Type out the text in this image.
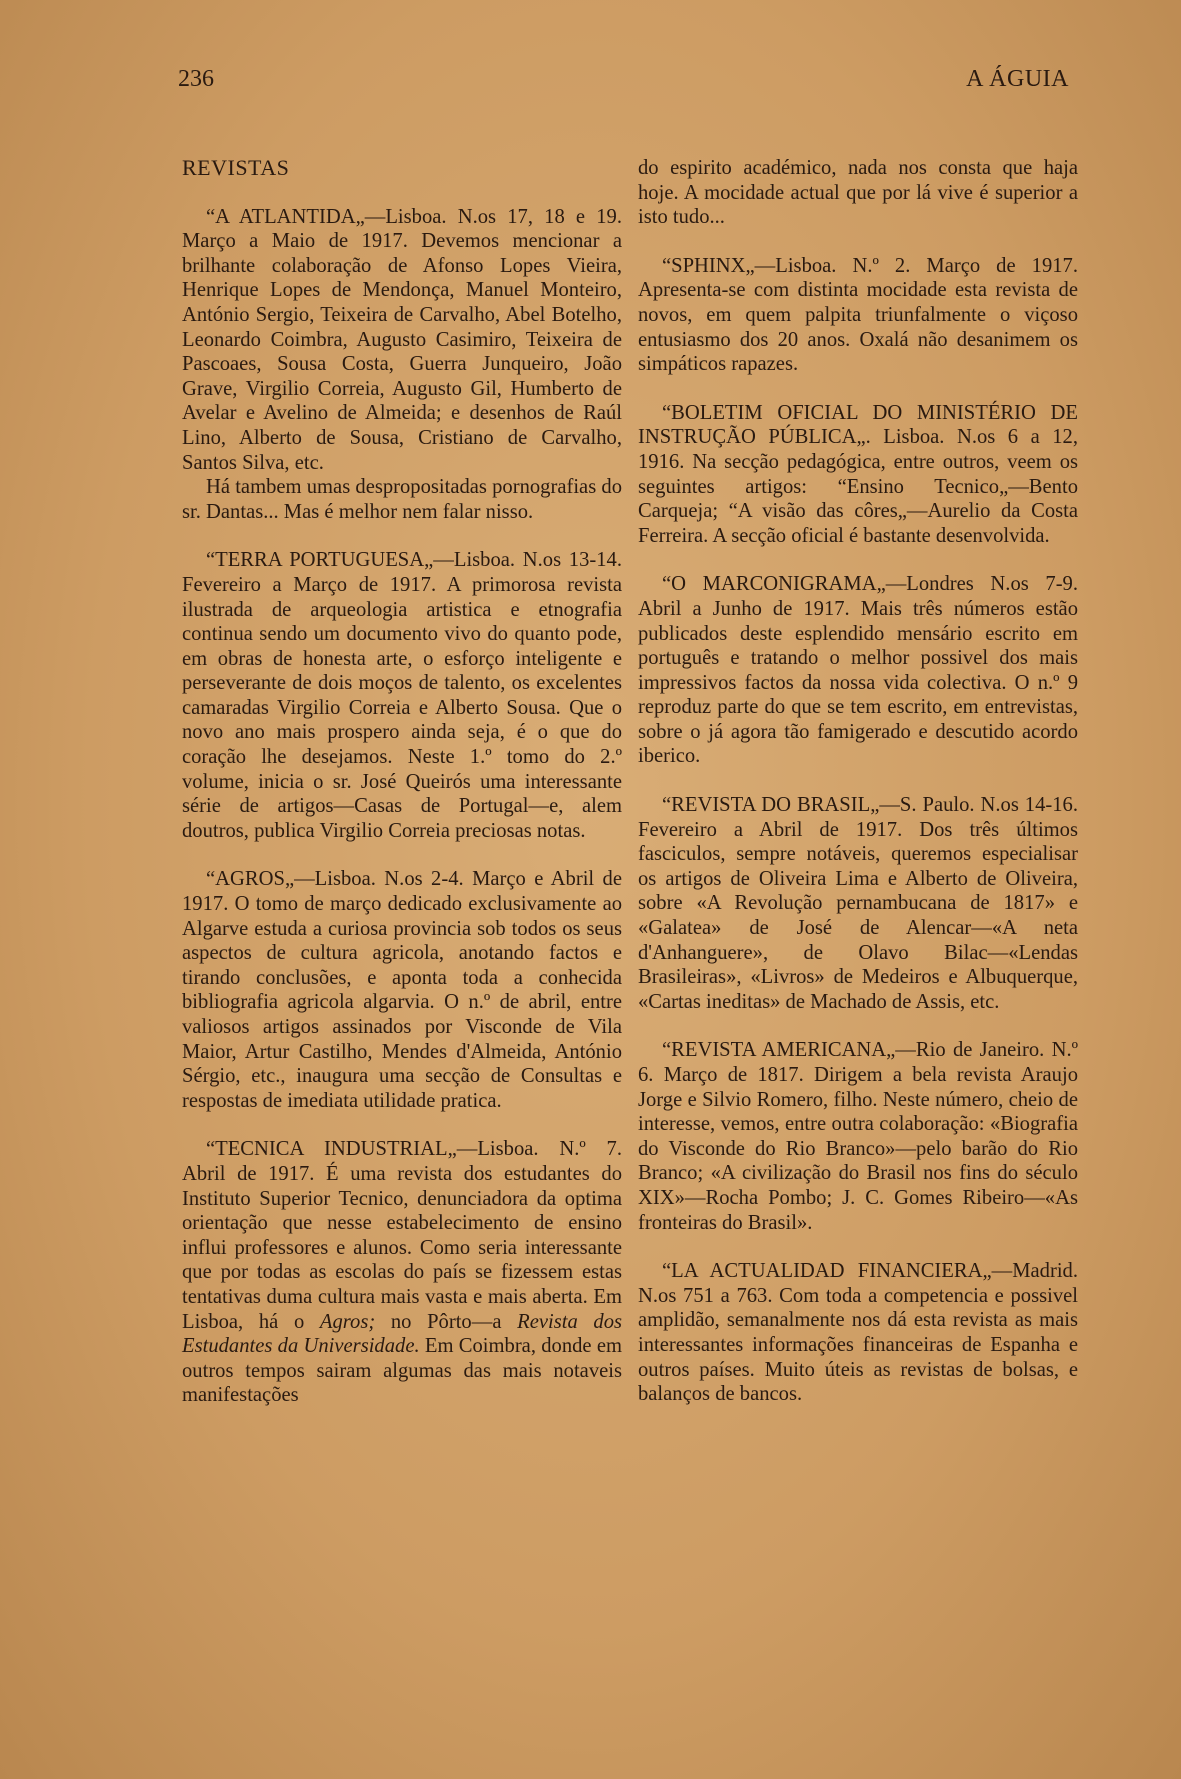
236	A ÁGUIA
REVISTAS

“A ATLANTIDA„—Lisboa. N.os 17, 18 e 19. Março a Maio de 1917. Devemos mencionar a brilhante colaboração de Afonso Lopes Vieira, Henrique Lopes de Mendonça, Manuel Monteiro, António Sergio, Teixeira de Carvalho, Abel Botelho, Leonardo Coimbra, Augusto Casimiro, Teixeira de Pascoaes, Sousa Costa, Guerra Junqueiro, João Grave, Virgilio Correia, Augusto Gil, Humberto de Avelar e Avelino de Almeida; e desenhos de Raúl Lino, Alberto de Sousa, Cristiano de Carvalho, Santos Silva, etc.

Há tambem umas despropositadas pornografias do sr. Dantas... Mas é melhor nem falar nisso.

“TERRA PORTUGUESA„—Lisboa. N.os 13-14. Fevereiro a Março de 1917. A primorosa revista ilustrada de arqueologia artistica e etnografia continua sendo um documento vivo do quanto pode, em obras de honesta arte, o esforço inteligente e perseverante de dois moços de talento, os excelentes camaradas Virgilio Correia e Alberto Sousa. Que o novo ano mais prospero ainda seja, é o que do coração lhe desejamos. Neste 1.º tomo do 2.º volume, inicia o sr. José Queirós uma interessante série de artigos—Casas de Portugal—e, alem doutros, publica Virgilio Correia preciosas notas.

“AGROS„—Lisboa. N.os 2-4. Março e Abril de 1917. O tomo de março dedicado exclusivamente ao Algarve estuda a curiosa provincia sob todos os seus aspectos de cultura agricola, anotando factos e tirando conclusões, e aponta toda a conhecida bibliografia agricola algarvia. O n.º de abril, entre valiosos artigos assinados por Visconde de Vila Maior, Artur Castilho, Mendes d'Almeida, António Sérgio, etc., inaugura uma secção de Consultas e respostas de imediata utilidade pratica.

“TECNICA INDUSTRIAL„—Lisboa. N.º 7. Abril de 1917. É uma revista dos estudantes do Instituto Superior Tecnico, denunciadora da optima orientação que nesse estabelecimento de ensino influi professores e alunos. Como seria interessante que por todas as escolas do país se fizessem estas tentativas duma cultura mais vasta e mais aberta. Em Lisboa, há o Agros; no Pôrto—a Revista dos Estudantes da Universidade. Em Coimbra, donde em outros tempos sairam algumas das mais notaveis manifestações

do espirito académico, nada nos consta que haja hoje. A mocidade actual que por lá vive é superior a isto tudo...

“SPHINX„—Lisboa. N.º 2. Março de 1917. Apresenta-se com distinta mocidade esta revista de novos, em quem palpita triunfalmente o viçoso entusiasmo dos 20 anos. Oxalá não desanimem os simpáticos rapazes.

“BOLETIM OFICIAL DO MINISTÉRIO DE INSTRUÇÃO PÚBLICA„. Lisboa. N.os 6 a 12, 1916. Na secção pedagógica, entre outros, veem os seguintes artigos: “Ensino Tecnico„—Bento Carqueja; “A visão das côres„—Aurelio da Costa Ferreira. A secção oficial é bastante desenvolvida.

“O MARCONIGRAMA„—Londres N.os 7-9. Abril a Junho de 1917. Mais três números estão publicados deste esplendido mensário escrito em português e tratando o melhor possivel dos mais impressivos factos da nossa vida colectiva. O n.º 9 reproduz parte do que se tem escrito, em entrevistas, sobre o já agora tão famigerado e descutido acordo iberico.

“REVISTA DO BRASIL„—S. Paulo. N.os 14-16. Fevereiro a Abril de 1917. Dos três últimos fasciculos, sempre notáveis, queremos especialisar os artigos de Oliveira Lima e Alberto de Oliveira, sobre «A Revolução pernambucana de 1817» e «Galatea» de José de Alencar—«A neta d'Anhanguere», de Olavo Bilac—«Lendas Brasileiras», «Livros» de Medeiros e Albuquerque, «Cartas ineditas» de Machado de Assis, etc.

“REVISTA AMERICANA„—Rio de Janeiro. N.º 6. Março de 1817. Dirigem a bela revista Araujo Jorge e Silvio Romero, filho. Neste número, cheio de interesse, vemos, entre outra colaboração: «Biografia do Visconde do Rio Branco»—pelo barão do Rio Branco; «A civilização do Brasil nos fins do século XIX»—Rocha Pombo; J. C. Gomes Ribeiro—«As fronteiras do Brasil».

“LA ACTUALIDAD FINANCIERA„—Madrid. N.os 751 a 763. Com toda a competencia e possivel amplidão, semanalmente nos dá esta revista as mais interessantes informações financeiras de Espanha e outros países. Muito úteis as revistas de bolsas, e balanços de bancos.
